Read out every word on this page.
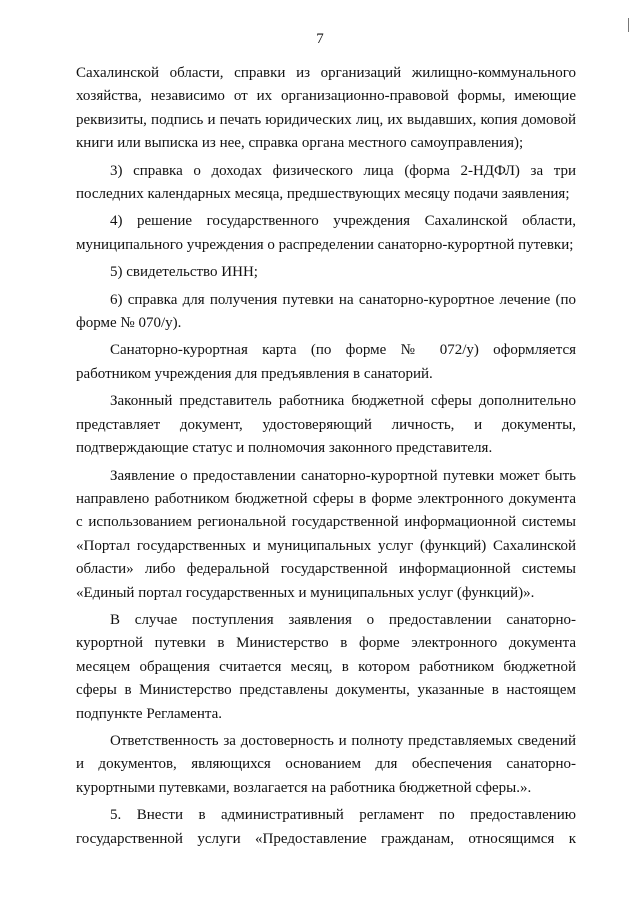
7
Сахалинской области, справки из организаций жилищно-коммунального
хозяйства, независимо от их организационно-правовой формы, имеющие
реквизиты, подпись и печать юридических лиц, их выдавших, копия домовой
книги или выписка из нее, справка органа местного самоуправления);
3) справка о доходах физического лица (форма 2-НДФЛ) за три
последних календарных месяца, предшествующих месяцу подачи заявления;
4) решение государственного учреждения Сахалинской области,
муниципального учреждения о распределении санаторно-курортной путевки;
5) свидетельство ИНН;
6) справка для получения путевки на санаторно-курортное лечение (по
форме № 070/у).
Санаторно-курортная карта (по форме № 072/у) оформляется
работником учреждения для предъявления в санаторий.
Законный представитель работника бюджетной сферы дополнительно
представляет документ, удостоверяющий личность, и документы,
подтверждающие статус и полномочия законного представителя.
Заявление о предоставлении санаторно-курортной путевки может быть
направлено работником бюджетной сферы в форме электронного документа
с использованием региональной государственной информационной системы
«Портал государственных и муниципальных услуг (функций) Сахалинской
области» либо федеральной государственной информационной системы
«Единый портал государственных и муниципальных услуг (функций)».
В случае поступления заявления о предоставлении санаторно-
курортной путевки в Министерство в форме электронного документа
месяцем обращения считается месяц, в котором работником бюджетной
сферы в Министерство представлены документы, указанные в настоящем
подпункте Регламента.
Ответственность за достоверность и полноту представляемых сведений
и документов, являющихся основанием для обеспечения санаторно-
курортными путевками, возлагается на работника бюджетной сферы.».
5. Внести в административный регламент по предоставлению
государственной услуги «Предоставление гражданам, относящимся к
